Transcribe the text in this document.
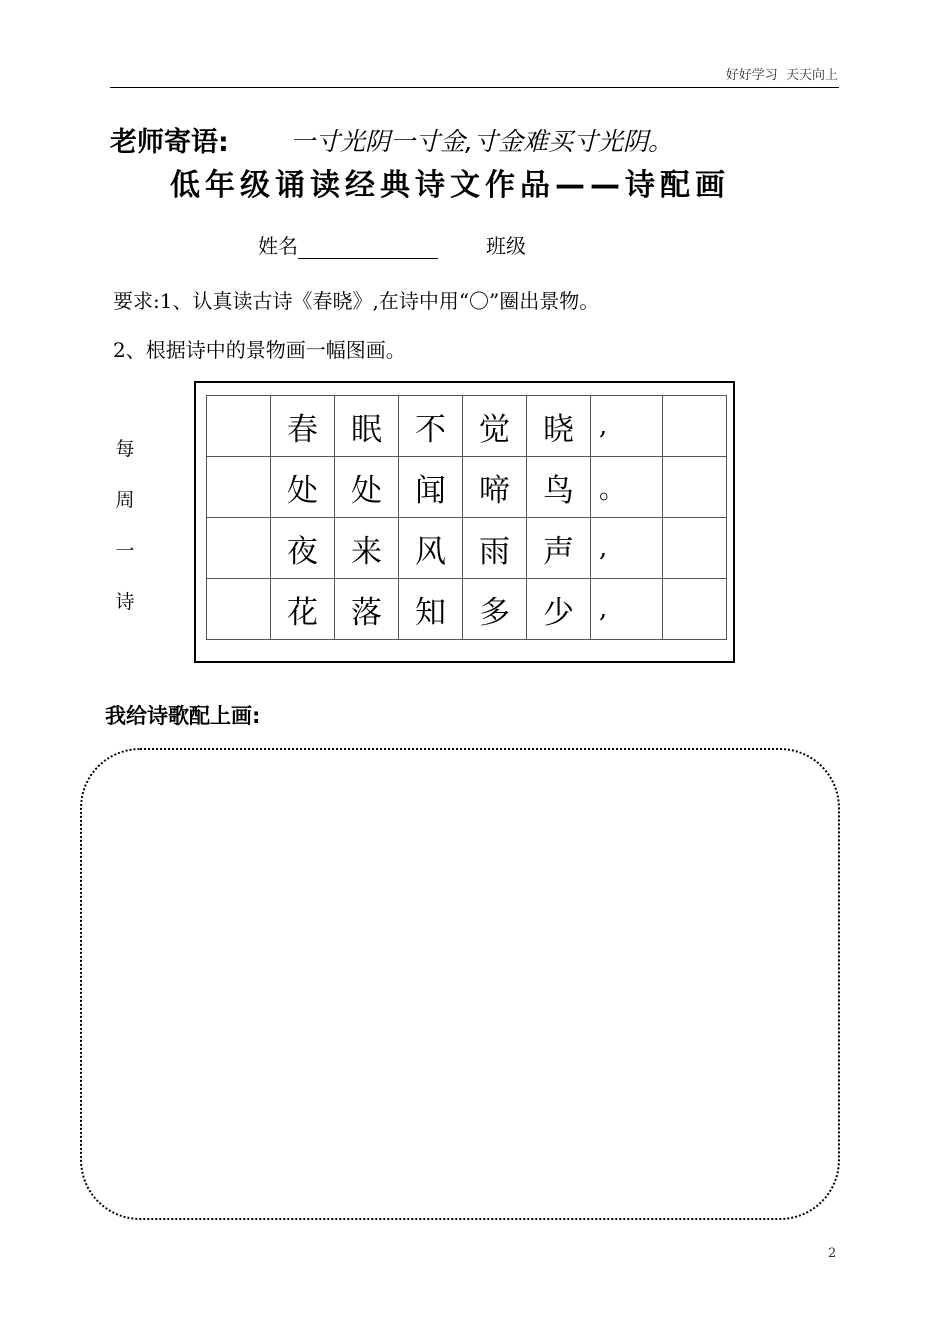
好好学习  天天向上
老师寄语: 一寸光阴一寸金,寸金难买寸光阴。
低年级诵读经典诗文作品——诗配画
姓名	班级
要求:1、认真读古诗《春晓》,在诗中用“〇”圈出景物。
2、根据诗中的景物画一幅图画。
每
周
一
诗
	春	眠	不	觉	晓	,	
	处	处	闻	啼	鸟	。	
	夜	来	风	雨	声	,	
	花	落	知	多	少	,	
我给诗歌配上画:
2
